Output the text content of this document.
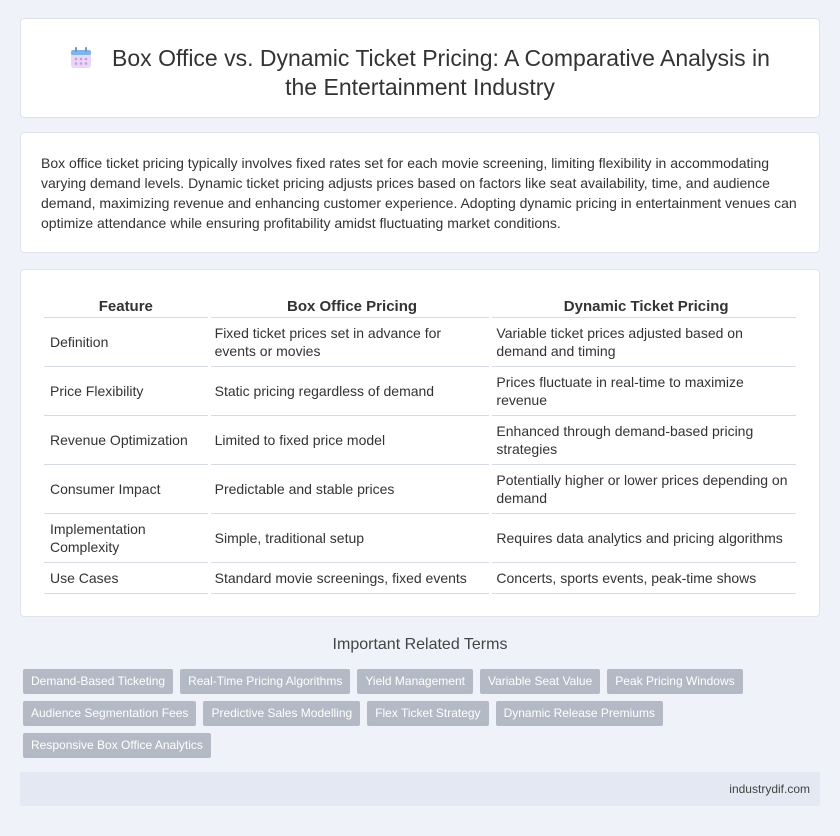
Box Office vs. Dynamic Ticket Pricing: A Comparative Analysis in the Entertainment Industry

Box office ticket pricing typically involves fixed rates set for each movie screening, limiting flexibility in accommodating varying demand levels. Dynamic ticket pricing adjusts prices based on factors like seat availability, time, and audience demand, maximizing revenue and enhancing customer experience. Adopting dynamic pricing in entertainment venues can optimize attendance while ensuring profitability amidst fluctuating market conditions.

Feature	Box Office Pricing	Dynamic Ticket Pricing
Definition	Fixed ticket prices set in advance for events or movies	Variable ticket prices adjusted based on demand and timing
Price Flexibility	Static pricing regardless of demand	Prices fluctuate in real-time to maximize revenue
Revenue Optimization	Limited to fixed price model	Enhanced through demand-based pricing strategies
Consumer Impact	Predictable and stable prices	Potentially higher or lower prices depending on demand
Implementation Complexity	Simple, traditional setup	Requires data analytics and pricing algorithms
Use Cases	Standard movie screenings, fixed events	Concerts, sports events, peak-time shows
Important Related Terms
Demand-Based Ticketing	Real-Time Pricing Algorithms	Yield Management	Variable Seat Value	Peak Pricing Windows
Audience Segmentation Fees	Predictive Sales Modelling	Flex Ticket Strategy	Dynamic Release Premiums
Responsive Box Office Analytics
industrydif.com
